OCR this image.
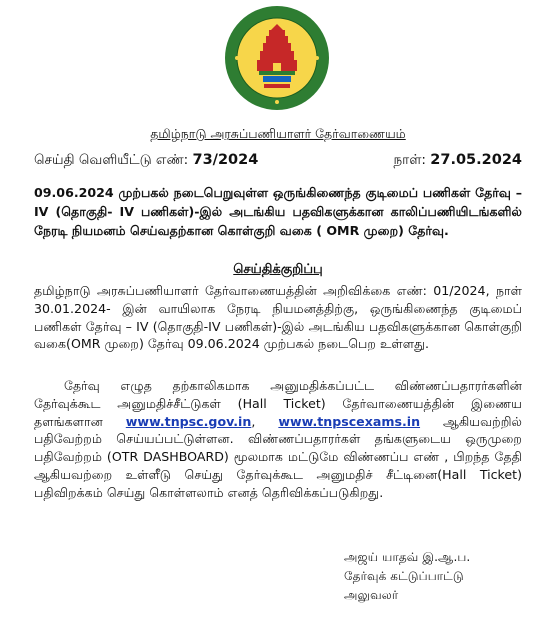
தமிழ்நாடு அரசுப்பணியாளர் தேர்வாணையம்
செய்தி வெளியீட்டு எண்: 73/2024	நாள்: 27.05.2024
09.06.2024 முற்பகல் நடைபெறுவுள்ள ஒருங்கிணைந்த குடிமைப் பணிகள் தேர்வு – IV (தொகுதி- IV பணிகள்)-இல் அடங்கிய பதவிகளுக்கான காலிப்பணியிடங்களில் நேரடி நியமனம் செய்வதற்கான கொள்குறி வகை ( OMR முறை) தேர்வு.
செய்திக்குறிப்பு
தமிழ்நாடு அரசுப்பணியாளர் தேர்வாணையத்தின் அறிவிக்கை எண்: 01/2024, நாள் 30.01.2024- இன் வாயிலாக நேரடி நியமனத்திற்கு, ஒருங்கிணைந்த குடிமைப் பணிகள் தேர்வு – IV (தொகுதி-IV பணிகள்)-இல் அடங்கிய பதவிகளுக்கான கொள்குறி வகை(OMR முறை) தேர்வு 09.06.2024 முற்பகல் நடைபெற உள்ளது.
தேர்வு எழுத தற்காலிகமாக அனுமதிக்கப்பட்ட விண்ணப்பதாரர்களின் தேர்வுக்கூட அனுமதிச்சீட்டுகள் (Hall Ticket) தேர்வாணையத்தின் இணைய தளங்களான www.tnpsc.gov.in, www.tnpscexams.in ஆகியவற்றில் பதிவேற்றம் செய்யப்பட்டுள்ளன. விண்ணப்பதாரர்கள் தங்களுடைய ஒருமுறை பதிவேற்றம் (OTR DASHBOARD) மூலமாக மட்டுமே விண்ணப்ப எண் , பிறந்த தேதி ஆகியவற்றை உள்ளீடு செய்து தேர்வுக்கூட அனுமதிச் சீட்டினை(Hall Ticket) பதிவிறக்கம் செய்து கொள்ளலாம் எனத் தெரிவிக்கப்படுகிறது.
அஜய் யாதவ் இ.ஆ.ப.
தேர்வுக் கட்டுப்பாட்டு அலுவலர்
